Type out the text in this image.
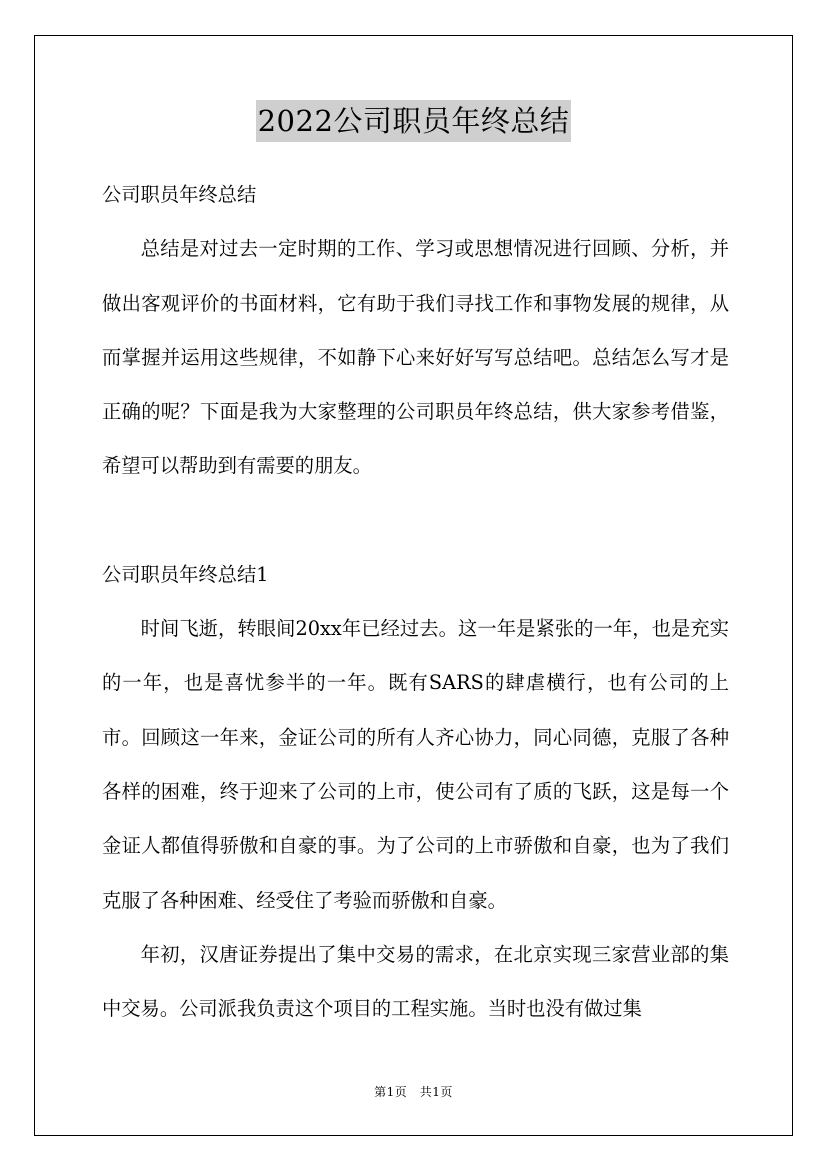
2022公司职员年终总结

公司职员年终总结

总结是对过去一定时期的工作、学习或思想情况进行回顾、分析，并做出客观评价的书面材料，它有助于我们寻找工作和事物发展的规律，从而掌握并运用这些规律，不如静下心来好好写写总结吧。总结怎么写才是正确的呢？下面是我为大家整理的公司职员年终总结，供大家参考借鉴，希望可以帮助到有需要的朋友。

公司职员年终总结1

时间飞逝，转眼间20xx年已经过去。这一年是紧张的一年，也是充实的一年，也是喜忧参半的一年。既有SARS的肆虐横行，也有公司的上市。回顾这一年来，金证公司的所有人齐心协力，同心同德，克服了各种各样的困难，终于迎来了公司的上市，使公司有了质的飞跃，这是每一个金证人都值得骄傲和自豪的事。为了公司的上市骄傲和自豪，也为了我们克服了各种困难、经受住了考验而骄傲和自豪。

年初，汉唐证券提出了集中交易的需求，在北京实现三家营业部的集中交易。公司派我负责这个项目的工程实施。当时也没有做过集

第1页　共1页
